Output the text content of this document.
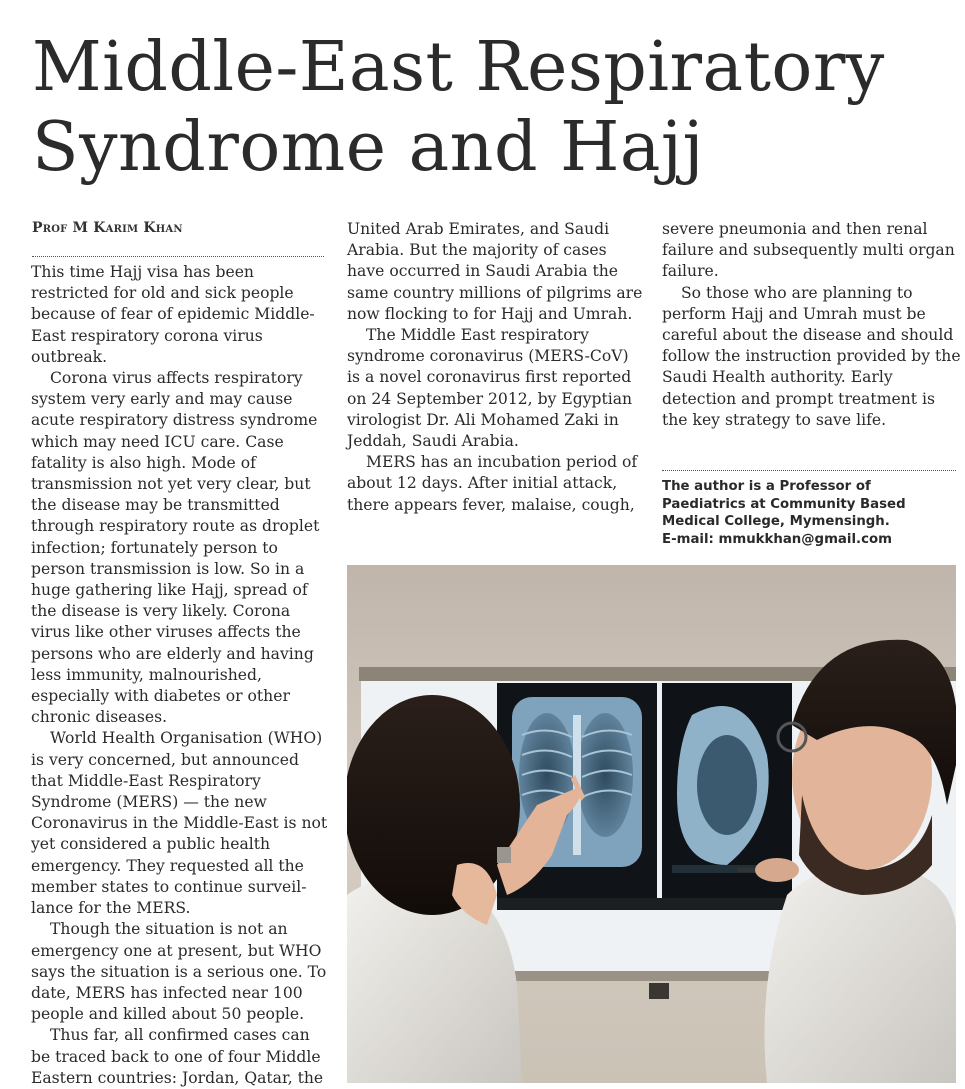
Middle-East Respiratory
Syndrome and Hajj
Prof M Karim Khan

This time Hajj visa has been restricted for old and sick people because of fear of epidemic Middle-East respiratory corona virus outbreak.

Corona virus affects respiratory system very early and may cause acute respiratory distress syndrome which may need ICU care. Case fatality is also high. Mode of transmission not yet very clear, but the disease may be transmitted through respiratory route as droplet infection; fortunately person to person transmission is low. So in a huge gathering like Hajj, spread of the disease is very likely. Corona virus like other viruses affects the persons who are elderly and having less immunity, malnourished, especially with diabetes or other chronic diseases.

World Health Organisation (WHO) is very concerned, but announced that Middle-East Respiratory Syndrome (MERS) — the new Coronavirus in the Middle-East is not yet considered a public health emergency. They requested all the member states to continue surveil-lance for the MERS.

Though the situation is not an emergency one at present, but WHO says the situation is a serious one. To date, MERS has infected near 100 people and killed about 50 people.

Thus far, all confirmed cases can be traced back to one of four Middle Eastern countries: Jordan, Qatar, the

United Arab Emirates, and Saudi Arabia. But the majority of cases have occurred in Saudi Arabia the same country millions of pilgrims are now flocking to for Hajj and Umrah.

The Middle East respiratory syndrome coronavirus (MERS-CoV) is a novel coronavirus first reported on 24 September 2012, by Egyptian virologist Dr. Ali Mohamed Zaki in Jeddah, Saudi Arabia.

MERS has an incubation period of about 12 days. After initial attack, there appears fever, malaise, cough,

severe pneumonia and then renal failure and subsequently multi organ failure.

So those who are planning to perform Hajj and Umrah must be careful about the disease and should follow the instruction provided by the Saudi Health authority. Early detection and prompt treatment is the key strategy to save life.

The author is a Professor of
Paediatrics at Community Based
Medical College, Mymensingh.
E-mail: mmukkhan@gmail.com
